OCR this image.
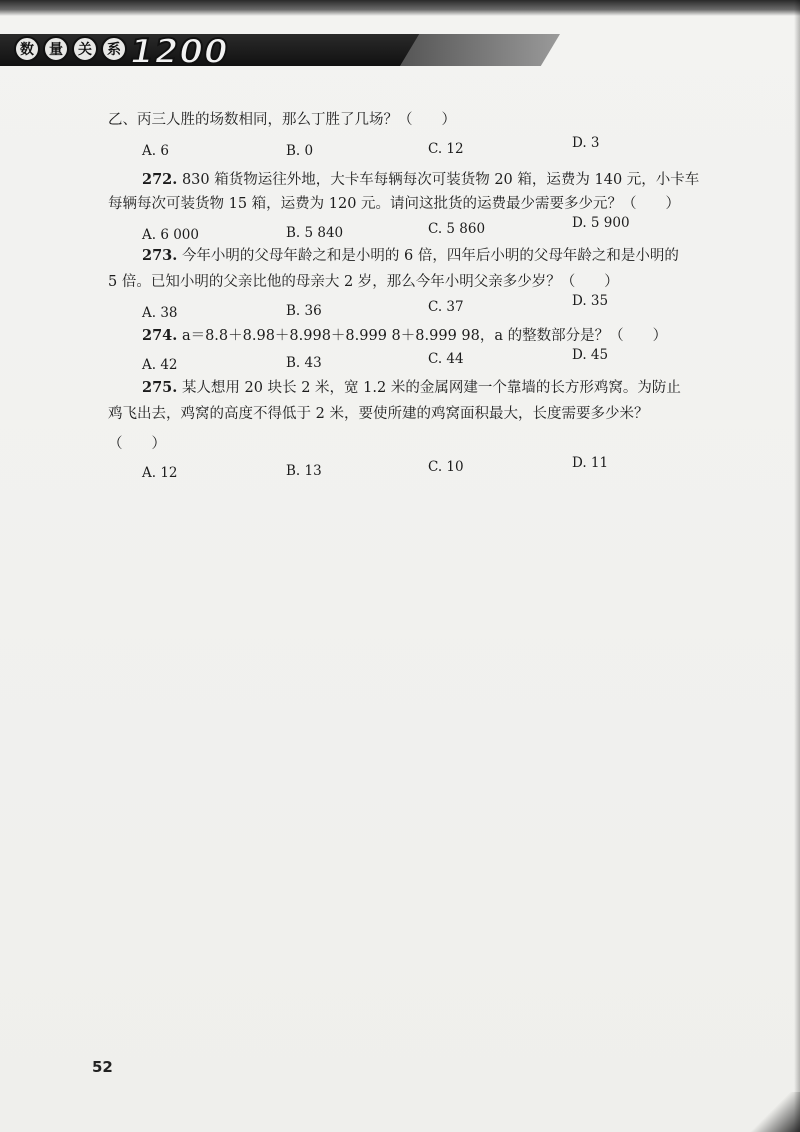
数	量	关	系 1200
乙、丙三人胜的场数相同，那么丁胜了几场？（　　）
A. 6	B. 0	C. 12	D. 3
272. 830 箱货物运往外地，大卡车每辆每次可装货物 20 箱，运费为 140 元，小卡车
每辆每次可装货物 15 箱，运费为 120 元。请问这批货的运费最少需要多少元？（　　）
A. 6 000	B. 5 840	C. 5 860	D. 5 900
273. 今年小明的父母年龄之和是小明的 6 倍，四年后小明的父母年龄之和是小明的
5 倍。已知小明的父亲比他的母亲大 2 岁，那么今年小明父亲多少岁？（　　）
A. 38	B. 36	C. 37	D. 35
274. a＝8.8＋8.98＋8.998＋8.999 8＋8.999 98，a 的整数部分是？（　　）
A. 42	B. 43	C. 44	D. 45
275. 某人想用 20 块长 2 米，宽 1.2 米的金属网建一个靠墙的长方形鸡窝。为防止
鸡飞出去，鸡窝的高度不得低于 2 米，要使所建的鸡窝面积最大，长度需要多少米？
（　　）
A. 12	B. 13	C. 10	D. 11
52
